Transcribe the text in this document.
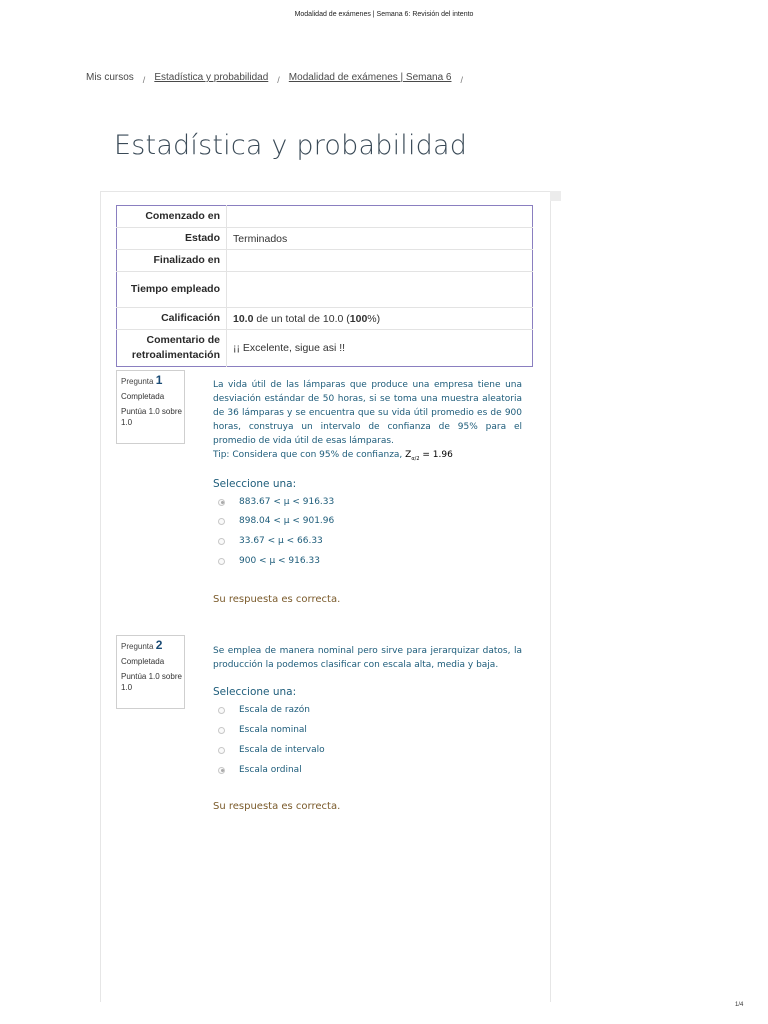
Modalidad de exámenes | Semana 6: Revisión del intento
Mis cursos / Estadística y probabilidad / Modalidad de exámenes | Semana 6 /
Estadística y probabilidad
Comenzado en	
Estado	Terminados
Finalizado en	
Tiempo empleado	
Calificación	10.0 de un total de 10.0 (100%)
Comentario de retroalimentación	¡¡ Excelente, sigue asi !!
Pregunta 1
Completada
Puntúa 1.0 sobre 1.0
La vida útil de las lámparas que produce una empresa tiene una desviación estándar de 50 horas, si se toma una muestra aleatoria de 36 lámparas y se encuentra que su vida útil promedio es de 900 horas, construya un intervalo de confianza de 95% para el promedio de vida útil de esas lámparas.
Tip: Considera que con 95% de confianza, $Z_{\alpha/2} = 1.96$
Seleccione una:
883.67 < μ < 916.33
898.04 < μ < 901.96
33.67 < μ < 66.33
900 < μ < 916.33
Su respuesta es correcta.
Pregunta 2
Completada
Puntúa 1.0 sobre 1.0
Se emplea de manera nominal pero sirve para jerarquizar datos, la producción la podemos clasificar con escala alta, media y baja.
Seleccione una:
Escala de razón
Escala nominal
Escala de intervalo
Escala ordinal
Su respuesta es correcta.
1/4
